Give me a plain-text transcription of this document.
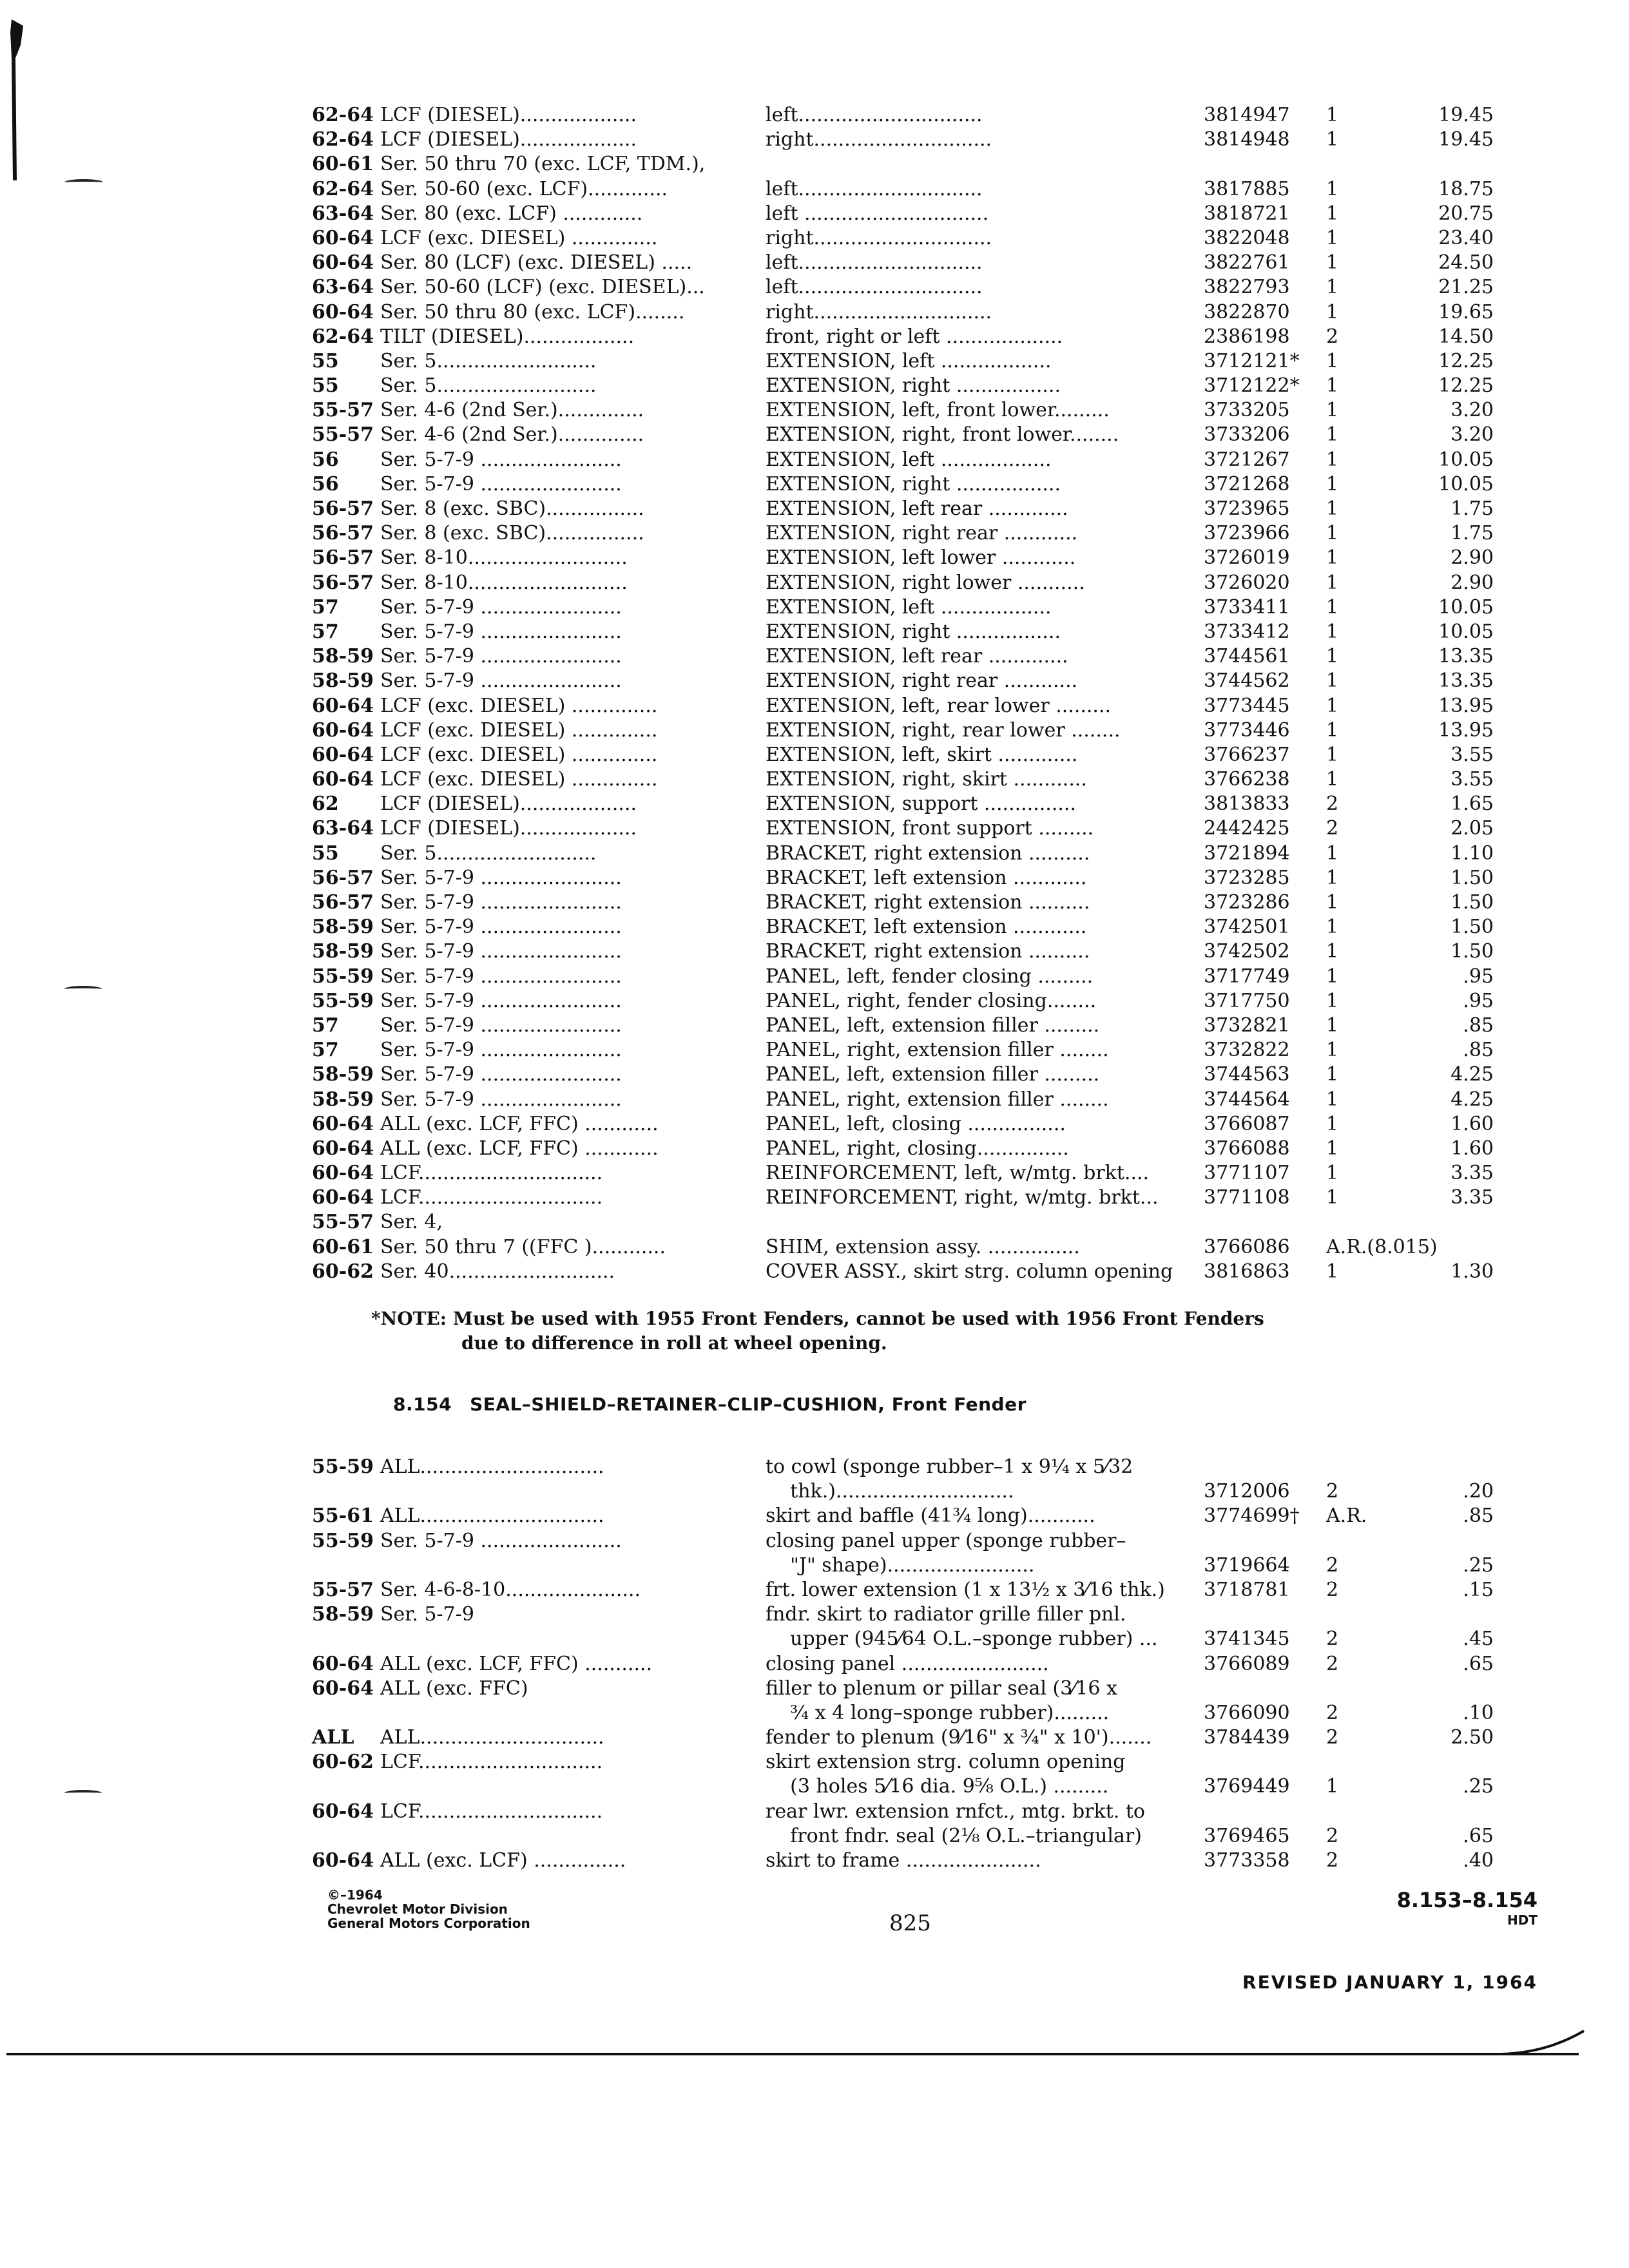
62-64 LCF (DIESEL)...................	left..............................	3814947	1	19.45
62-64 LCF (DIESEL)...................	right.............................	3814948	1	19.45
60-61 Ser. 50 thru 70 (exc. LCF, TDM.),
62-64 Ser. 50-60 (exc. LCF).............	left..............................	3817885	1	18.75
63-64 Ser. 80 (exc. LCF) .............	left ..............................	3818721	1	20.75
60-64 LCF (exc. DIESEL) ..............	right.............................	3822048	1	23.40
60-64 Ser. 80 (LCF) (exc. DIESEL) .....	left..............................	3822761	1	24.50
63-64 Ser. 50-60 (LCF) (exc. DIESEL)...	left..............................	3822793	1	21.25
60-64 Ser. 50 thru 80 (exc. LCF)........	right.............................	3822870	1	19.65
62-64 TILT (DIESEL)..................	front, right or left ...................	2386198	2	14.50
55	Ser. 5..........................	EXTENSION, left ..................	3712121*	1	12.25
55	Ser. 5..........................	EXTENSION, right .................	3712122*	1	12.25
55-57 Ser. 4-6 (2nd Ser.)..............	EXTENSION, left, front lower.........	3733205	1	3.20
55-57 Ser. 4-6 (2nd Ser.)..............	EXTENSION, right, front lower........	3733206	1	3.20
56	Ser. 5-7-9 .......................	EXTENSION, left ..................	3721267	1	10.05
56	Ser. 5-7-9 .......................	EXTENSION, right .................	3721268	1	10.05
56-57 Ser. 8 (exc. SBC)................	EXTENSION, left rear .............	3723965	1	1.75
56-57 Ser. 8 (exc. SBC)................	EXTENSION, right rear ............	3723966	1	1.75
56-57 Ser. 8-10..........................	EXTENSION, left lower ............	3726019	1	2.90
56-57 Ser. 8-10..........................	EXTENSION, right lower ...........	3726020	1	2.90
57	Ser. 5-7-9 .......................	EXTENSION, left ..................	3733411	1	10.05
57	Ser. 5-7-9 .......................	EXTENSION, right .................	3733412	1	10.05
58-59 Ser. 5-7-9 .......................	EXTENSION, left rear .............	3744561	1	13.35
58-59 Ser. 5-7-9 .......................	EXTENSION, right rear ............	3744562	1	13.35
60-64 LCF (exc. DIESEL) ..............	EXTENSION, left, rear lower .........	3773445	1	13.95
60-64 LCF (exc. DIESEL) ..............	EXTENSION, right, rear lower ........	3773446	1	13.95
60-64 LCF (exc. DIESEL) ..............	EXTENSION, left, skirt .............	3766237	1	3.55
60-64 LCF (exc. DIESEL) ..............	EXTENSION, right, skirt ............	3766238	1	3.55
62	LCF (DIESEL)...................	EXTENSION, support ...............	3813833	2	1.65
63-64 LCF (DIESEL)...................	EXTENSION, front support .........	2442425	2	2.05
55	Ser. 5..........................	BRACKET, right extension ..........	3721894	1	1.10
56-57 Ser. 5-7-9 .......................	BRACKET, left extension ............	3723285	1	1.50
56-57 Ser. 5-7-9 .......................	BRACKET, right extension ..........	3723286	1	1.50
58-59 Ser. 5-7-9 .......................	BRACKET, left extension ............	3742501	1	1.50
58-59 Ser. 5-7-9 .......................	BRACKET, right extension ..........	3742502	1	1.50
55-59 Ser. 5-7-9 .......................	PANEL, left, fender closing .........	3717749	1	.95
55-59 Ser. 5-7-9 .......................	PANEL, right, fender closing........	3717750	1	.95
57	Ser. 5-7-9 .......................	PANEL, left, extension filler .........	3732821	1	.85
57	Ser. 5-7-9 .......................	PANEL, right, extension filler ........	3732822	1	.85
58-59 Ser. 5-7-9 .......................	PANEL, left, extension filler .........	3744563	1	4.25
58-59 Ser. 5-7-9 .......................	PANEL, right, extension filler ........	3744564	1	4.25
60-64 ALL (exc. LCF, FFC) ............	PANEL, left, closing ................	3766087	1	1.60
60-64 ALL (exc. LCF, FFC) ............	PANEL, right, closing...............	3766088	1	1.60
60-64 LCF..............................	REINFORCEMENT, left, w/mtg. brkt....	3771107	1	3.35
60-64 LCF..............................	REINFORCEMENT, right, w/mtg. brkt...	3771108	1	3.35
55-57 Ser. 4,
60-61 Ser. 50 thru 7 ((FFC )............	SHIM, extension assy. ...............	3766086	A.R.(8.015)
60-62 Ser. 40...........................	COVER ASSY., skirt strg. column opening	3816863	1	1.30
*NOTE: Must be used with 1955 Front Fenders, cannot be used with 1956 Front Fenders
due to difference in roll at wheel opening.
8.154 SEAL–SHIELD–RETAINER–CLIP–CUSHION, Front Fender
55-59 ALL..............................	to cowl (sponge rubber–1 x 9¼ x 5⁄32
thk.).............................	3712006	2	.20
55-61 ALL..............................	skirt and baffle (41¾ long)...........	3774699†	A.R.	.85
55-59 Ser. 5-7-9 .......................	closing panel upper (sponge rubber–
"J" shape)........................	3719664	2	.25
55-57 Ser. 4-6-8-10......................	frt. lower extension (1 x 13½ x 3⁄16 thk.)	3718781	2	.15
58-59 Ser. 5-7-9	fndr. skirt to radiator grille filler pnl.
upper (945⁄64 O.L.–sponge rubber) ...	3741345	2	.45
60-64 ALL (exc. LCF, FFC) ...........	closing panel ........................	3766089	2	.65
60-64 ALL (exc. FFC)	filler to plenum or pillar seal (3⁄16 x
¾ x 4 long–sponge rubber).........	3766090	2	.10
ALL	ALL..............................	fender to plenum (9⁄16" x ¾" x 10').......	3784439	2	2.50
60-62 LCF..............................	skirt extension strg. column opening
(3 holes 5⁄16 dia. 9⅝ O.L.) .........	3769449	1	.25
60-64 LCF..............................	rear lwr. extension rnfct., mtg. brkt. to
front fndr. seal (2⅛ O.L.–triangular)	3769465	2	.65
60-64 ALL (exc. LCF) ...............	skirt to frame ......................	3773358	2	.40
©–1964
Chevrolet Motor Division
General Motors Corporation	825
8.153–8.154
HDT
REVISED JANUARY 1, 1964
